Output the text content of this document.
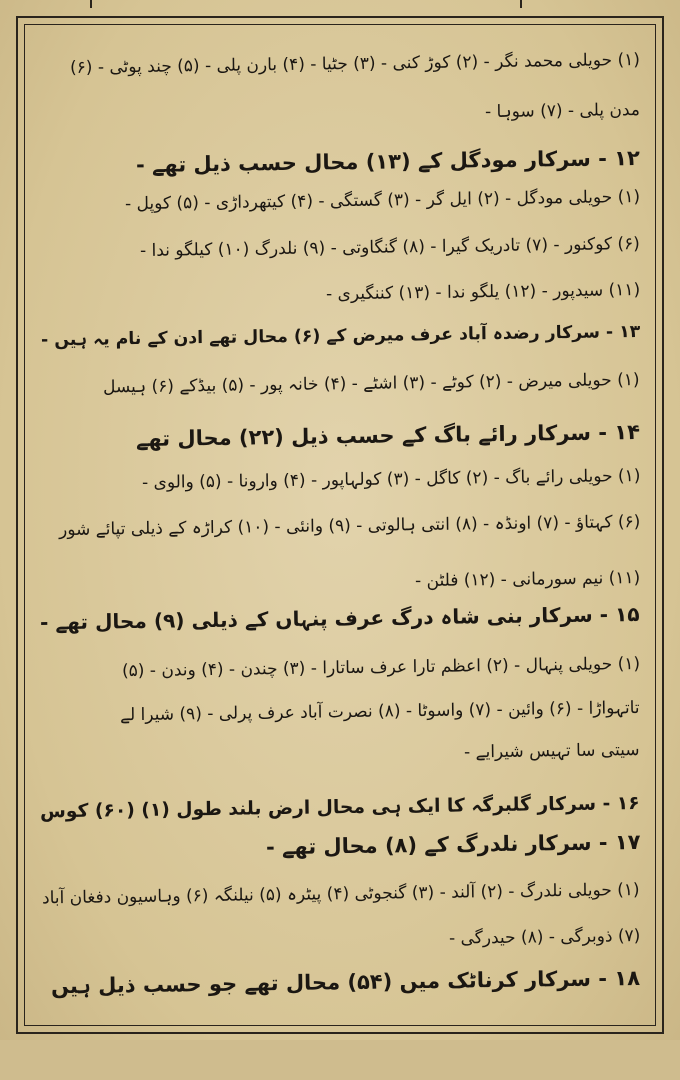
(۱) حویلی محمد نگر - (۲) کوڑ کنی - (۳) جٹیا - (۴) بارن پلی - (۵) چند پوٹی - (۶)
مدن پلی - (۷) سوہا -
۱۲ - سرکار مودگل کے (۱۳) محال حسب ذیل تھے -
(۱) حویلی مودگل - (۲) ایل گر - (۳) گستگی - (۴) کیتھرداڑی - (۵) کوپل -
(۶) کوکنور - (۷) تادریک گیرا - (۸) گنگاوتی - (۹) نلدرگ (۱۰) کیلگو ندا -
(۱۱) سیدپور - (۱۲) یلگو ندا - (۱۳) کننگیری -
۱۳ - سرکار رضدہ آباد عرف میرض کے (۶) محال تھے ادن کے نام یہ ہیں -
(۱) حویلی میرض - (۲) کوٹے - (۳) اشٹے - (۴) خانہ پور - (۵) بیڈکے (۶) ہیسل
۱۴ - سرکار رائے باگ کے حسب ذیل (۲۲) محال تھے
(۱) حویلی رائے باگ - (۲) کاگل - (۳) کولہاپور - (۴) وارونا - (۵) والوی -
(۶) کہتاؤ - (۷) اونڈہ - (۸) انتی ہالوتی - (۹) وانئی - (۱۰) کراڑہ کے ذیلی تپائے شور
(۱۱) نیم سورمانی - (۱۲) فلٹن -
۱۵ - سرکار بنی شاہ درگ عرف پنہاں کے ذیلی (۹) محال تھے -
(۱) حویلی پنہال - (۲) اعظم تارا عرف ساتارا - (۳) چندن - (۴) وندن - (۵)
تاتہواڑا - (۶) وائین - (۷) واسوٹا - (۸) نصرت آباد عرف پرلی - (۹) شیرا لے
سیتی سا تہیس شیرایے -
۱۶ - سرکار گلبرگہ کا ایک ہی محال ارض بلند طول (۱) (۶۰) کوس
۱۷ - سرکار نلدرگ کے (۸) محال تھے -
(۱) حویلی نلدرگ - (۲) آلند - (۳) گنجوٹی (۴) پیٹرہ (۵) نیلنگہ (۶) وہاسیون دفغان آباد
(۷) ذوبرگی - (۸) حیدرگی -
۱۸ - سرکار کرناٹک میں (۵۴) محال تھے جو حسب ذیل ہیں
